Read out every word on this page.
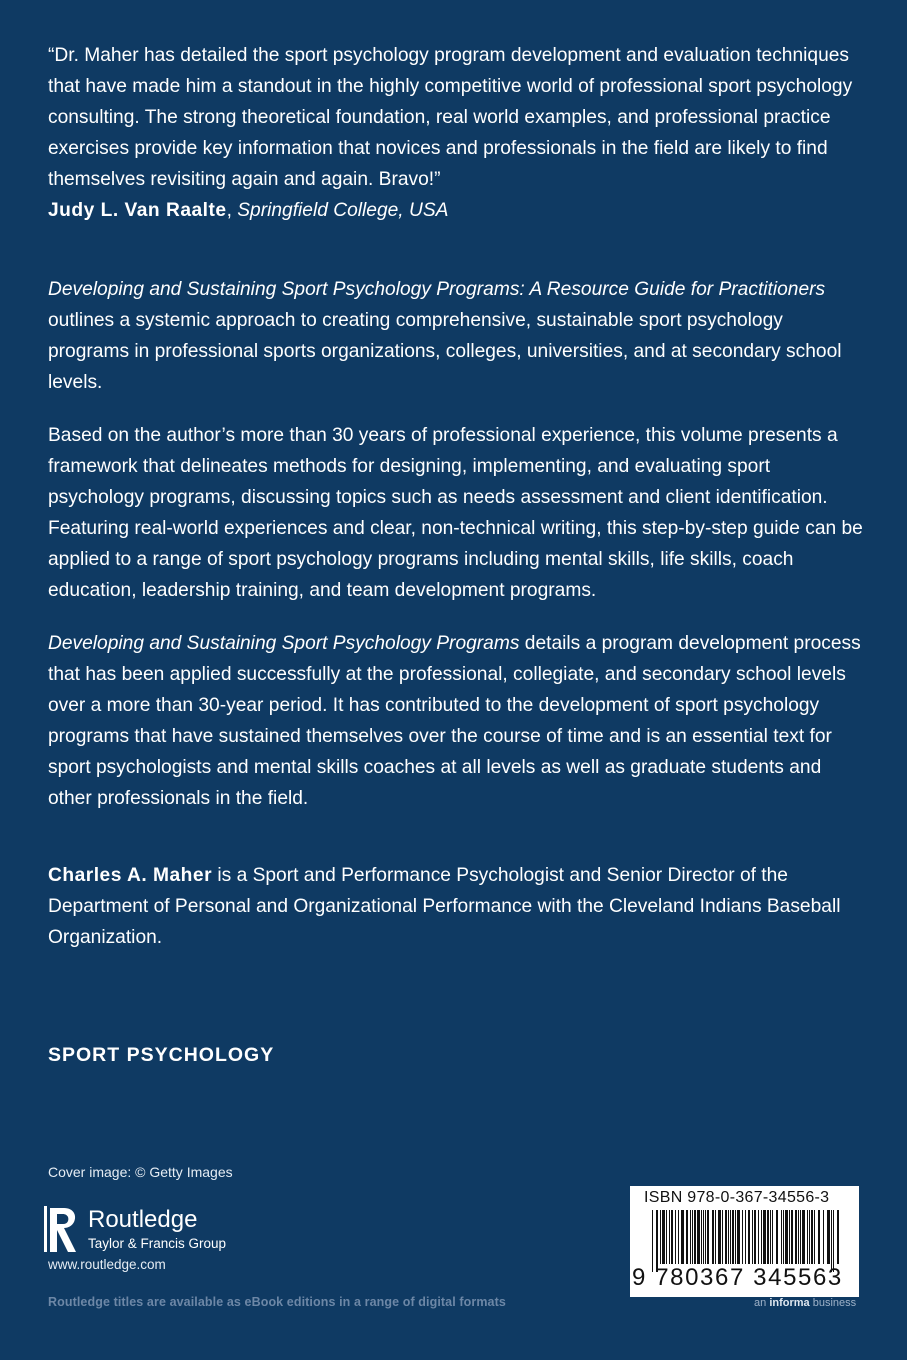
“Dr. Maher has detailed the sport psychology program development and evaluation techniques that have made him a standout in the highly competitive world of professional sport psychology consulting. The strong theoretical foundation, real world examples, and professional practice exercises provide key information that novices and professionals in the field are likely to find themselves revisiting again and again. Bravo!”
Judy L. Van Raalte, Springfield College, USA

Developing and Sustaining Sport Psychology Programs: A Resource Guide for Practitioners outlines a systemic approach to creating comprehensive, sustainable sport psychology programs in professional sports organizations, colleges, universities, and at secondary school levels.

Based on the author’s more than 30 years of professional experience, this volume presents a framework that delineates methods for designing, implementing, and evaluating sport psychology programs, discussing topics such as needs assessment and client identification. Featuring real-world experiences and clear, non-technical writing, this step-by-step guide can be applied to a range of sport psychology programs including mental skills, life skills, coach education, leadership training, and team development programs.

Developing and Sustaining Sport Psychology Programs details a program development process that has been applied successfully at the professional, collegiate, and secondary school levels over a more than 30-year period. It has contributed to the development of sport psychology programs that have sustained themselves over the course of time and is an essential text for sport psychologists and mental skills coaches at all levels as well as graduate students and other professionals in the field.

Charles A. Maher is a Sport and Performance Psychologist and Senior Director of the Department of Personal and Organizational Performance with the Cleveland Indians Baseball Organization.

SPORT PSYCHOLOGY
Cover image: © Getty Images
Routledge
Taylor & Francis Group
www.routledge.com
Routledge titles are available as eBook editions in a range of digital formats
ISBN 978-0-367-34556-3
9 780367 345563
an informa business
